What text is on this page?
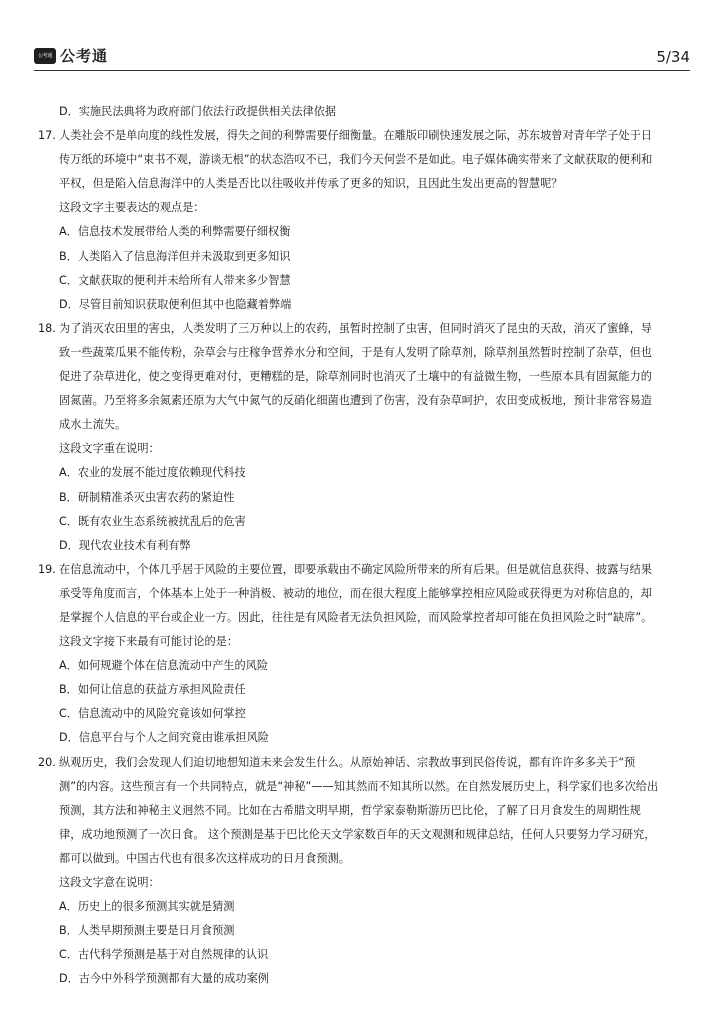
公考通 公考通	5/34
D．实施民法典将为政府部门依法行政提供相关法律依据
17. 人类社会不是单向度的线性发展，得失之间的利弊需要仔细衡量。在雕版印刷快速发展之际，苏东坡曾对青年学子处于日
传万纸的环境中“束书不观，游谈无根”的状态浩叹不已，我们今天何尝不是如此。电子媒体确实带来了文献获取的便利和
平权，但是陷入信息海洋中的人类是否比以往吸收并传承了更多的知识，且因此生发出更高的智慧呢？
这段文字主要表达的观点是：
A．信息技术发展带给人类的利弊需要仔细权衡
B．人类陷入了信息海洋但并未汲取到更多知识
C．文献获取的便利并未给所有人带来多少智慧
D．尽管目前知识获取便利但其中也隐藏着弊端
18. 为了消灭农田里的害虫，人类发明了三万种以上的农药，虽暂时控制了虫害，但同时消灭了昆虫的天敌，消灭了蜜蜂，导
致一些蔬菜瓜果不能传粉，杂草会与庄稼争营养水分和空间，于是有人发明了除草剂，除草剂虽然暂时控制了杂草，但也
促进了杂草进化，使之变得更难对付，更糟糕的是，除草剂同时也消灭了土壤中的有益微生物，一些原本具有固氮能力的
固氮菌。乃至将多余氮素还原为大气中氮气的反硝化细菌也遭到了伤害，没有杂草呵护，农田变成板地，预计非常容易造
成水土流失。
这段文字重在说明：
A．农业的发展不能过度依赖现代科技
B．研制精准杀灭虫害农药的紧迫性
C．既有农业生态系统被扰乱后的危害
D．现代农业技术有利有弊
19. 在信息流动中，个体几乎居于风险的主要位置，即要承载由不确定风险所带来的所有后果。但是就信息获得、披露与结果
承受等角度而言，个体基本上处于一种消极、被动的地位，而在很大程度上能够掌控相应风险或获得更为对称信息的，却
是掌握个人信息的平台或企业一方。因此，往往是有风险者无法负担风险，而风险掌控者却可能在负担风险之时“缺席”。
这段文字接下来最有可能讨论的是：
A．如何规避个体在信息流动中产生的风险
B．如何让信息的获益方承担风险责任
C．信息流动中的风险究竟该如何掌控
D．信息平台与个人之间究竟由谁承担风险
20. 纵观历史，我们会发现人们迫切地想知道未来会发生什么。从原始神话、宗教故事到民俗传说，都有许许多多关于“预
测”的内容。这些预言有一个共同特点，就是“神秘”——知其然而不知其所以然。在自然发展历史上，科学家们也多次给出
预测，其方法和神秘主义迥然不同。比如在古希腊文明早期，哲学家泰勒斯游历巴比伦，了解了日月食发生的周期性规
律，成功地预测了一次日食。 这个预测是基于巴比伦天文学家数百年的天文观测和规律总结，任何人只要努力学习研究，
都可以做到。中国古代也有很多次这样成功的日月食预测。
这段文字意在说明：
A．历史上的很多预测其实就是猜测
B．人类早期预测主要是日月食预测
C．古代科学预测是基于对自然规律的认识
D．古今中外科学预测都有大量的成功案例
